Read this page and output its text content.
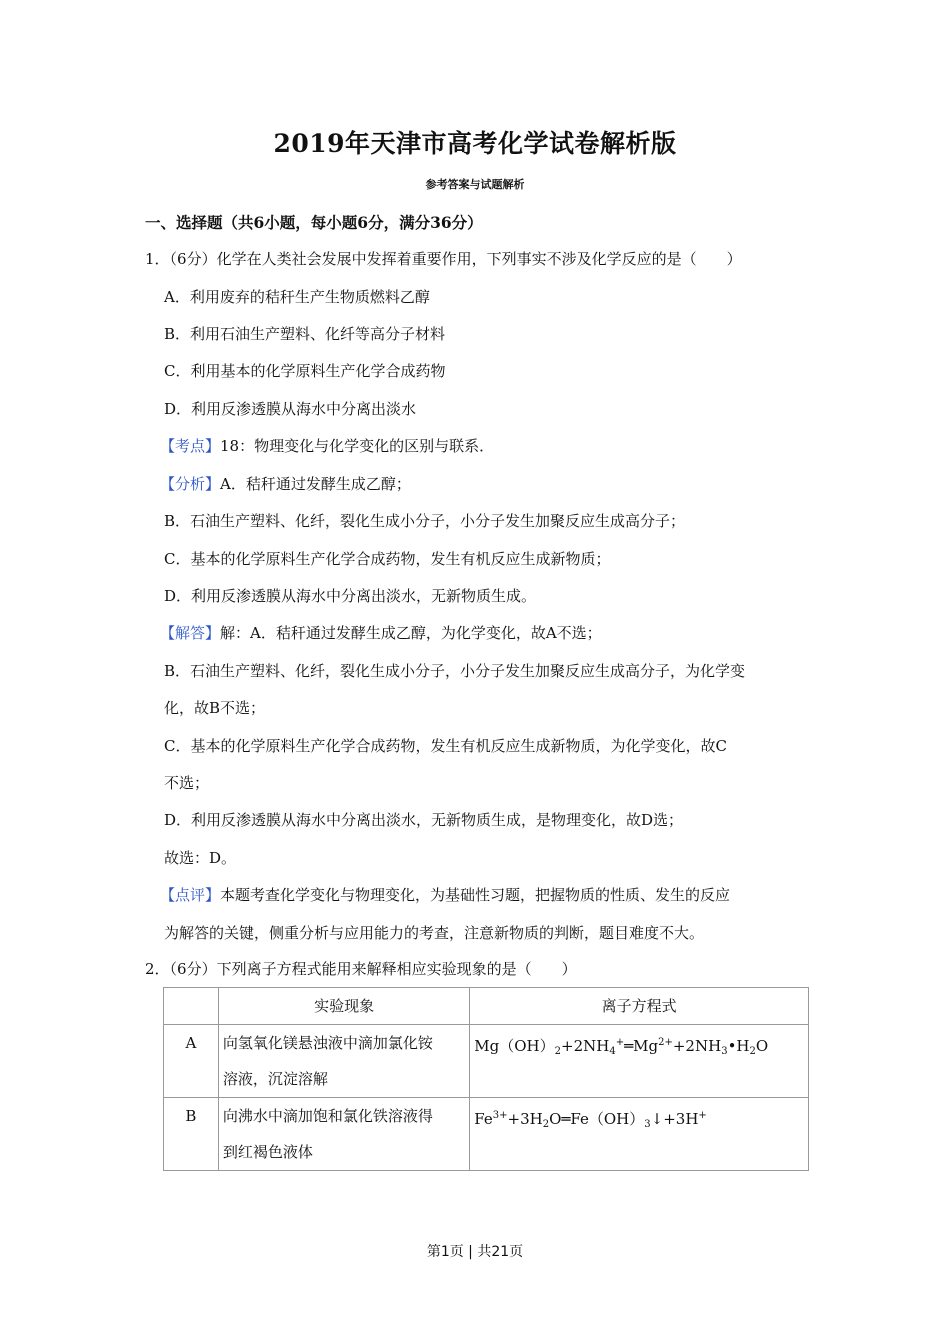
2019年天津市高考化学试卷解析版
参考答案与试题解析
一、选择题（共6小题，每小题6分，满分36分）
1．（6分）化学在人类社会发展中发挥着重要作用，下列事实不涉及化学反应的是（　　）
A．利用废弃的秸秆生产生物质燃料乙醇
B．利用石油生产塑料、化纤等高分子材料
C．利用基本的化学原料生产化学合成药物
D．利用反渗透膜从海水中分离出淡水
【考点】18：物理变化与化学变化的区别与联系．
【分析】A．秸秆通过发酵生成乙醇；
B．石油生产塑料、化纤，裂化生成小分子，小分子发生加聚反应生成高分子；
C．基本的化学原料生产化学合成药物，发生有机反应生成新物质；
D．利用反渗透膜从海水中分离出淡水，无新物质生成。
【解答】解：A．秸秆通过发酵生成乙醇，为化学变化，故A不选；
B．石油生产塑料、化纤，裂化生成小分子，小分子发生加聚反应生成高分子，为化学变
化，故B不选；
C．基本的化学原料生产化学合成药物，发生有机反应生成新物质，为化学变化，故C
不选；
D．利用反渗透膜从海水中分离出淡水，无新物质生成，是物理变化，故D选；
故选：D。
【点评】本题考查化学变化与物理变化，为基础性习题，把握物质的性质、发生的反应
为解答的关键，侧重分析与应用能力的考查，注意新物质的判断，题目难度不大。
2．（6分）下列离子方程式能用来解释相应实验现象的是（　　）
	实验现象	离子方程式
A	向氢氧化镁悬浊液中滴加氯化铵
溶液，沉淀溶解	$Mg(OH)_2+2NH_4^+═Mg^{2+}+2NH_3•H_2O$
B	向沸水中滴加饱和氯化铁溶液得
到红褐色液体	$Fe^{3+}+3H_2O═Fe(OH)_3↓+3H^+$
第1页 | 共21页
